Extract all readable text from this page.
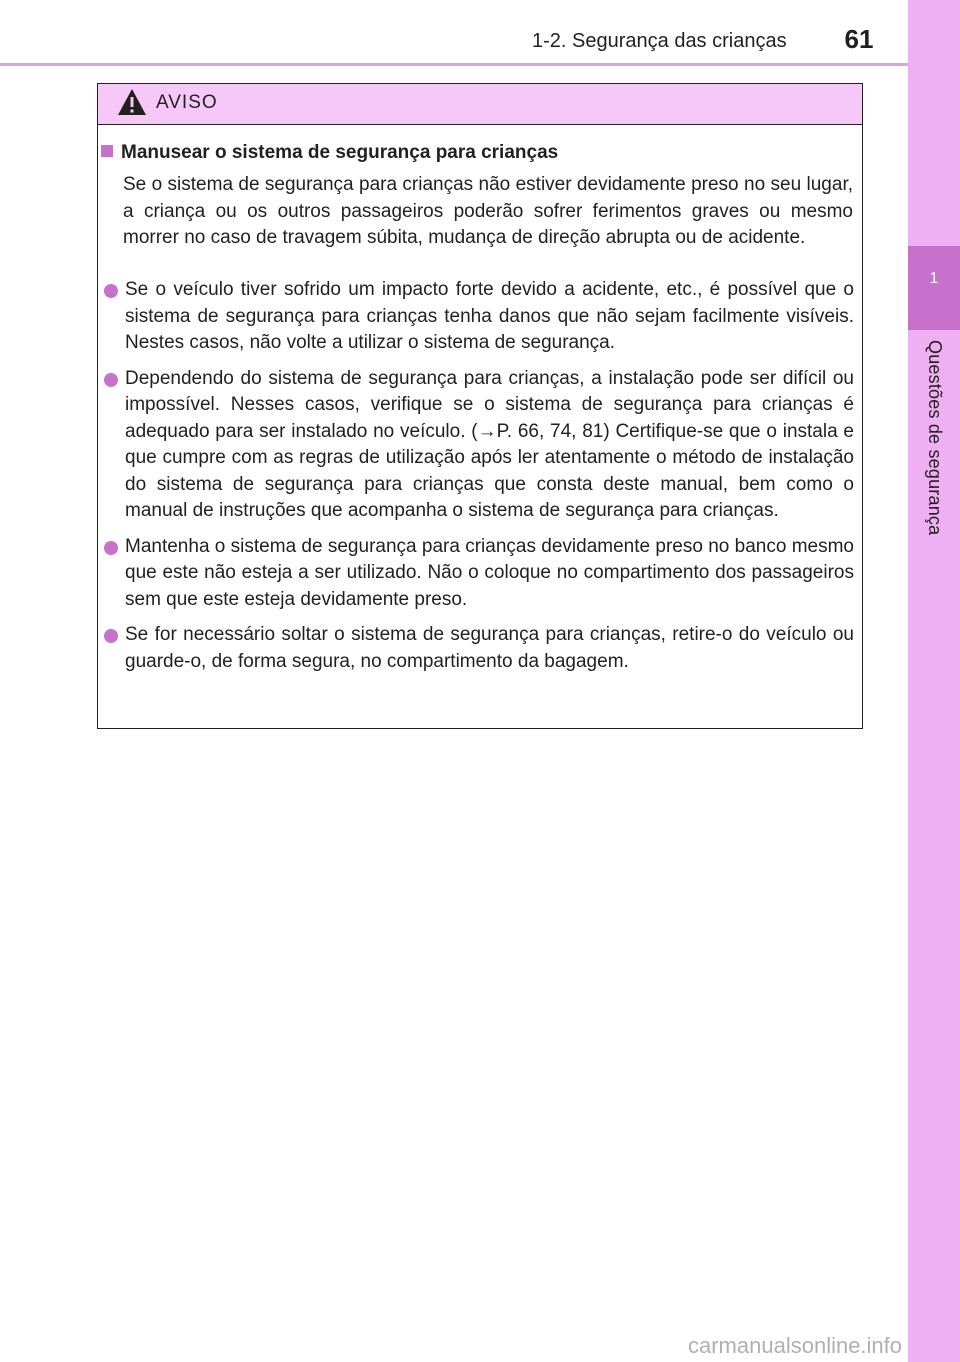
1-2. Segurança das crianças	61
1
Questões de segurança
AVISO
Manusear o sistema de segurança para crianças
Se o sistema de segurança para crianças não estiver devidamente preso no seu lugar, a criança ou os outros passageiros poderão sofrer ferimentos graves ou mesmo morrer no caso de travagem súbita, mudança de direção abrupta ou de acidente.
Se o veículo tiver sofrido um impacto forte devido a acidente, etc., é possível que o sistema de segurança para crianças tenha danos que não sejam facilmente visíveis. Nestes casos, não volte a utilizar o sistema de segurança.
Dependendo do sistema de segurança para crianças, a instalação pode ser difícil ou impossível. Nesses casos, verifique se o sistema de segurança para crianças é adequado para ser instalado no veículo. (→P. 66, 74, 81) Certifique-se que o instala e que cumpre com as regras de utilização após ler atentamente o método de instalação do sistema de segurança para crianças que consta deste manual, bem como o manual de instruções que acompanha o sistema de segurança para crianças.
Mantenha o sistema de segurança para crianças devidamente preso no banco mesmo que este não esteja a ser utilizado. Não o coloque no compartimento dos passageiros sem que este esteja devidamente preso.
Se for necessário soltar o sistema de segurança para crianças, retire-o do veículo ou guarde-o, de forma segura, no compartimento da bagagem.
carmanualsonline.info
